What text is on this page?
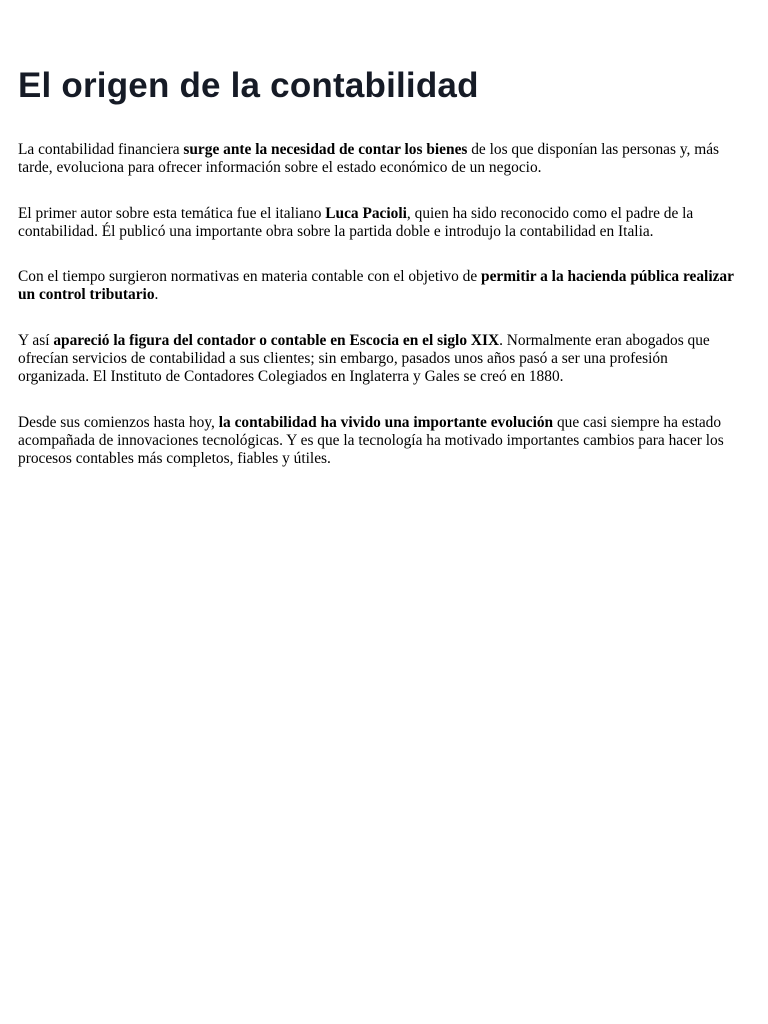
El origen de la contabilidad

La contabilidad financiera surge ante la necesidad de contar los bienes de los que disponían las personas y, más tarde, evoluciona para ofrecer información sobre el estado económico de un negocio.

El primer autor sobre esta temática fue el italiano Luca Pacioli, quien ha sido reconocido como el padre de la contabilidad. Él publicó una importante obra sobre la partida doble e introdujo la contabilidad en Italia.

Con el tiempo surgieron normativas en materia contable con el objetivo de permitir a la hacienda pública realizar un control tributario.

Y así apareció la figura del contador o contable en Escocia en el siglo XIX. Normalmente eran abogados que ofrecían servicios de contabilidad a sus clientes; sin embargo, pasados unos años pasó a ser una profesión organizada. El Instituto de Contadores Colegiados en Inglaterra y Gales se creó en 1880.

Desde sus comienzos hasta hoy, la contabilidad ha vivido una importante evolución que casi siempre ha estado acompañada de innovaciones tecnológicas. Y es que la tecnología ha motivado importantes cambios para hacer los procesos contables más completos, fiables y útiles.
